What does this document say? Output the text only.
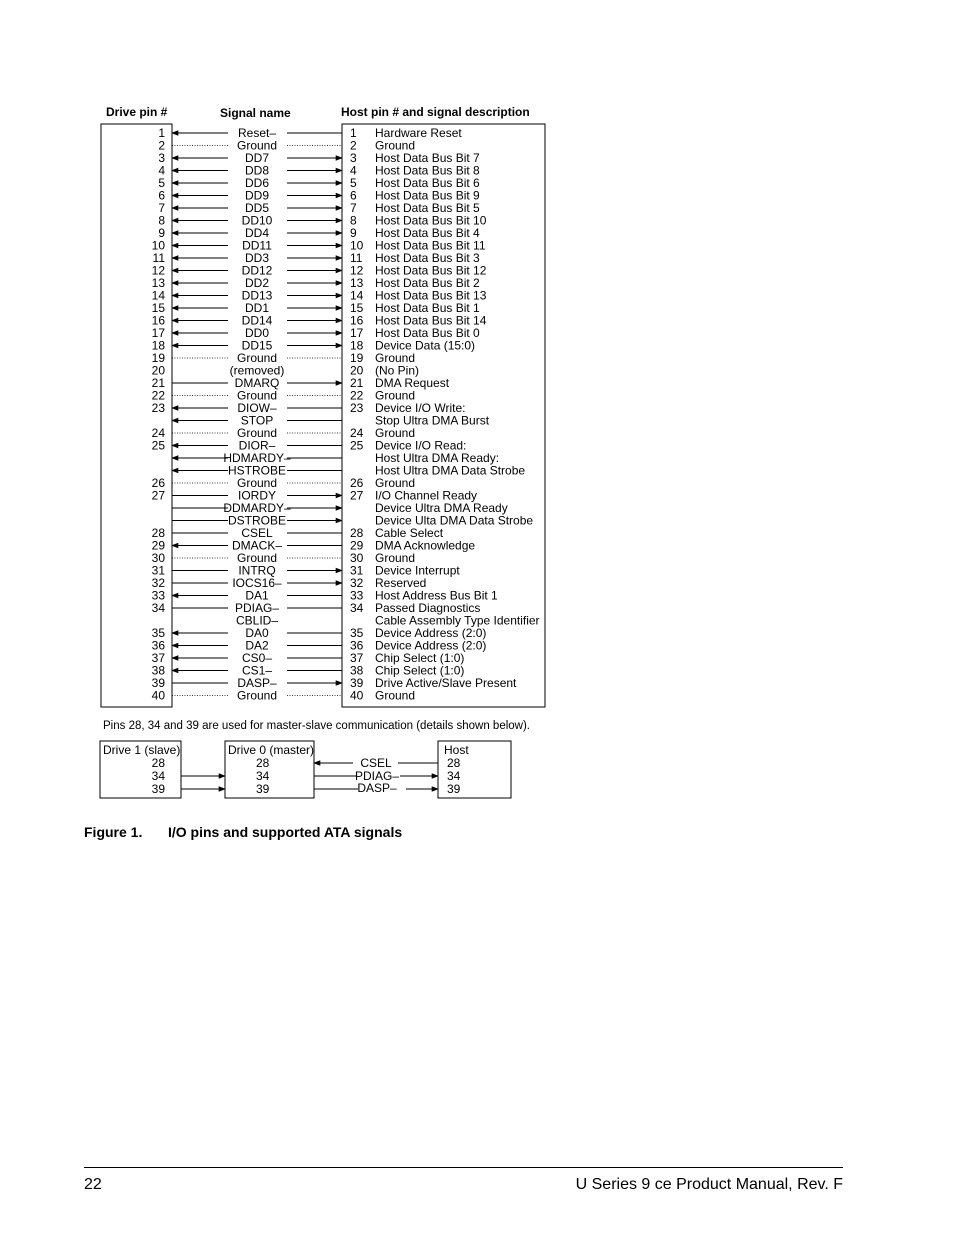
Drive pin #	Signal name	Host pin # and signal description
1	Reset–	1 Hardware Reset
2	Ground	2 Ground
3	DD7	3 Host Data Bus Bit 7
4	DD8	4 Host Data Bus Bit 8
5	DD6	5 Host Data Bus Bit 6
6	DD9	6 Host Data Bus Bit 9
7	DD5	7 Host Data Bus Bit 5
8	DD10	8 Host Data Bus Bit 10
9	DD4	9 Host Data Bus Bit 4
10	DD11	10 Host Data Bus Bit 11
11	DD3	11 Host Data Bus Bit 3
12	DD12	12 Host Data Bus Bit 12
13	DD2	13 Host Data Bus Bit 2
14	DD13	14 Host Data Bus Bit 13
15	DD1	15 Host Data Bus Bit 1
16	DD14	16 Host Data Bus Bit 14
17	DD0	17 Host Data Bus Bit 0
18	DD15	18 Device Data (15:0)
19	Ground	19 Ground
20	(removed)	20 (No Pin)
21	DMARQ	21 DMA Request
22	Ground	22 Ground
23	DIOW–	23 Device I/O Write:
STOP	Stop Ultra DMA Burst
24	Ground	24 Ground
25	DIOR–	25 Device I/O Read:
HDMARDY–	Host Ultra DMA Ready:
HSTROBE	Host Ultra DMA Data Strobe
26	Ground	26 Ground
27	IORDY	27 I/O Channel Ready
DDMARDY–	Device Ultra DMA Ready
DSTROBE	Device Ulta DMA Data Strobe
28	CSEL	28 Cable Select
29	DMACK–	29 DMA Acknowledge
30	Ground	30 Ground
31	INTRQ	31 Device Interrupt
32	IOCS16–	32 Reserved
33	DA1	33 Host Address Bus Bit 1
34	PDIAG–	34 Passed Diagnostics
CBLID–	Cable Assembly Type Identifier
35	DA0	35 Device Address (2:0)
36	DA2	36 Device Address (2:0)
37	CS0–	37 Chip Select (1:0)
38	CS1–	38 Chip Select (1:0)
39	DASP–	39 Drive Active/Slave Present
40	Ground	40 Ground
Pins 28, 34 and 39 are used for master-slave communication (details shown below).
Drive 1 (slave)	Drive 0 (master)	Host
28
34
39
28
34
39
28
34
39
CSEL
PDIAG–
DASP–
Figure 1. I/O pins and supported ATA signals
22	U Series 9 ce Product Manual, Rev. F
